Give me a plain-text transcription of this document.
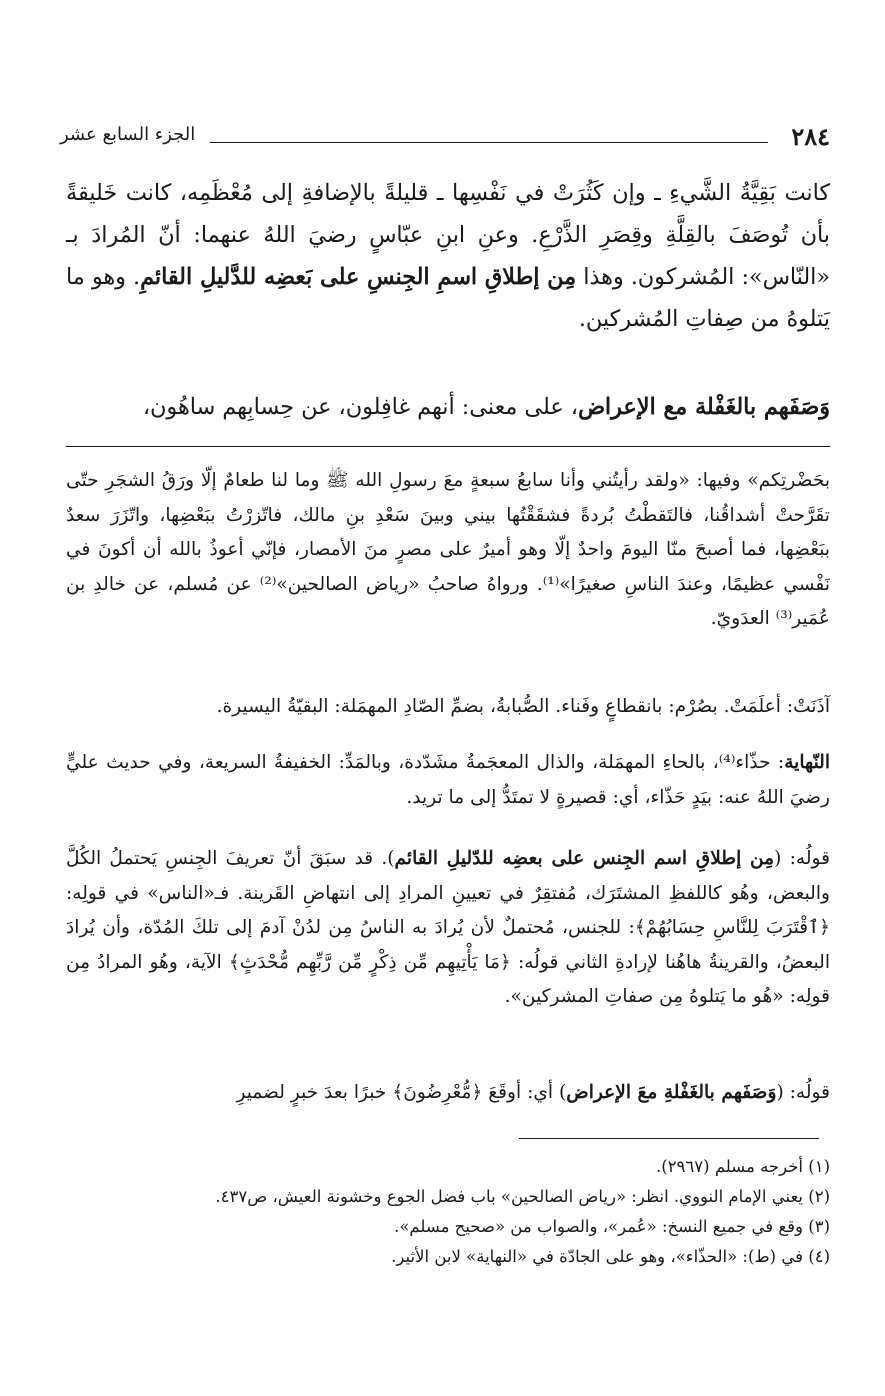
٢٨٤
الجزء السابع عشر

كانت بَقِيَّةُ الشَّيءِ ـ وإن كَثُرَتْ في نَفْسِها ـ قليلةً بالإضافةِ إلى مُعْظَمِه، كانت خَليقةً بأن تُوصَفَ بالقِلَّةِ وقِصَرِ الذَّرْعِ. وعنِ ابنِ عبّاسٍ رضيَ اللهُ عنهما: أنّ المُرادَ بـ «النّاس»: المُشركون. وهذا مِن إطلاقِ اسمِ الجِنسِ على بَعضِه للدَّليلِ القائمِ. وهو ما يَتلوهُ من صِفاتِ المُشركين.

وَصَفَهم بالغَفْلة مع الإعراض، على معنى: أنهم غافِلون، عن حِسابِهم ساهُون،

بحَضْرتِكم» وفيها: «ولقد رأيتُني وأنا سابعُ سبعةٍ معَ رسولِ الله ﷺ وما لنا طعامٌ إلّا ورَقُ الشجَرِ حتّى تقَرَّحتْ أشداقُنا، فالتَقطْتُ بُردةً فشقَقْتُها بيني وبينَ سَعْدِ بنِ مالك، فاتّزرْتُ ببَعْضِها، واتّزَرَ سعدٌ ببَعْضِها، فما أصبحَ منّا اليومَ واحدٌ إلّا وهو أميرٌ على مصرٍ منَ الأمصار، فإنّي أعوذُ بالله أن أكونَ في نَفْسي عظيمًا، وعندَ الناسِ صغيرًا»⁽¹⁾. ورواهُ صاحبُ «رياض الصالحين»⁽²⁾ عن مُسلم، عن خالدِ بن عُمَير⁽³⁾ العدَويّ.

آذَنَتْ: أعلَمَتْ. بصُرْم: بانقطاعٍ وفَناء. الصُّبابةُ، بضمِّ الصّادِ المهمَلة: البقيّةُ اليسيرة.

النّهاية: حذّاء⁽⁴⁾، بالحاءِ المهمَلة، والذال المعجَمةُ مشَدّدة، وبالمَدِّ: الخفيفةُ السريعة، وفي حديث عليٍّ رضيَ اللهُ عنه: بيَدٍ حَذّاء، أي: قصيرةٍ لا تمتَدُّ إلى ما تريد.

قولُه: (مِن إطلاقِ اسم الجِنس على بعضِه للدّليلِ القائم). قد سبَقَ أنّ تعريفَ الجِنسِ يَحتملُ الكُلَّ والبعض، وهُو كاللفظِ المشتَرَك، مُفتقِرٌ في تعيينِ المرادِ إلى انتهاضِ القَرينة. فـ«الناس» في قولِه: ﴿ٱقْتَرَبَ لِلنَّاسِ حِسَابُهُمْ﴾: للجنس، مُحتملٌ لأن يُرادَ به الناسُ مِن لدُنْ آدمَ إلى تلكَ المُدّة، وأن يُرادَ البعضُ، والقرينةُ هاهُنا لإرادةِ الثاني قولُه: ﴿مَا يَأْتِيهِم مِّن ذِكْرٍ مِّن رَّبِّهِم مُّحْدَثٍ﴾ الآية، وهُو المرادُ مِن قولِه: «هُو ما يَتلوهُ مِن صفاتِ المشركين».

قولُه: (وَصَفَهم بالغَفْلةِ معَ الإعراض) أي: أوقَعَ ﴿مُّعْرِضُونَ﴾ خبرًا بعدَ خبرٍ لضميرِ

(١) أخرجه مسلم (٢٩٦٧).

(٢) يعني الإمام النووي. انظر: «رياض الصالحين» باب فضل الجوع وخشونة العيش، ص٤٣٧.

(٣) وقع في جميع النسخ: «عُمر»، والصواب من «صحيح مسلم».

(٤) في (ط): «الحذّاء»، وهو على الجادّة في «النهاية» لابن الأثير.
